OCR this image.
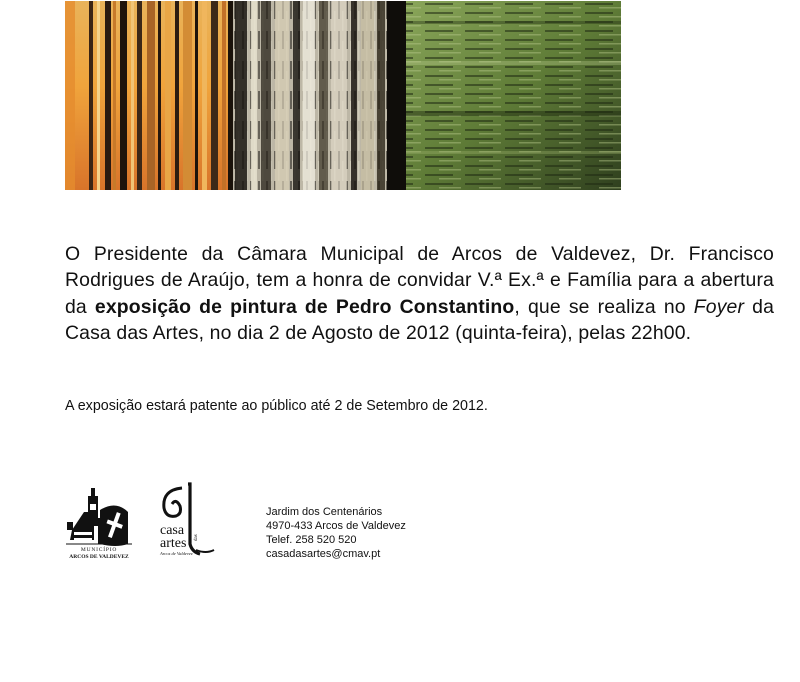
O Presidente da Câmara Municipal de Arcos de Valdevez, Dr. Francisco Rodrigues de Araújo, tem a honra de convidar V.ª Ex.ª e Família para a abertura da exposição de pintura de Pedro Constantino, que se realiza no Foyer da Casa das Artes, no dia 2 de Agosto de 2012 (quinta-feira), pelas 22h00.
A exposição estará patente ao público até 2 de Setembro de 2012.
MUNICÍPIO
ARCOS DE VALDEVEZ
casa
artes das
Arcos de Valdevez
Jardim dos Centenários
4970-433 Arcos de Valdevez
Telef. 258 520 520
casadasartes@cmav.pt
